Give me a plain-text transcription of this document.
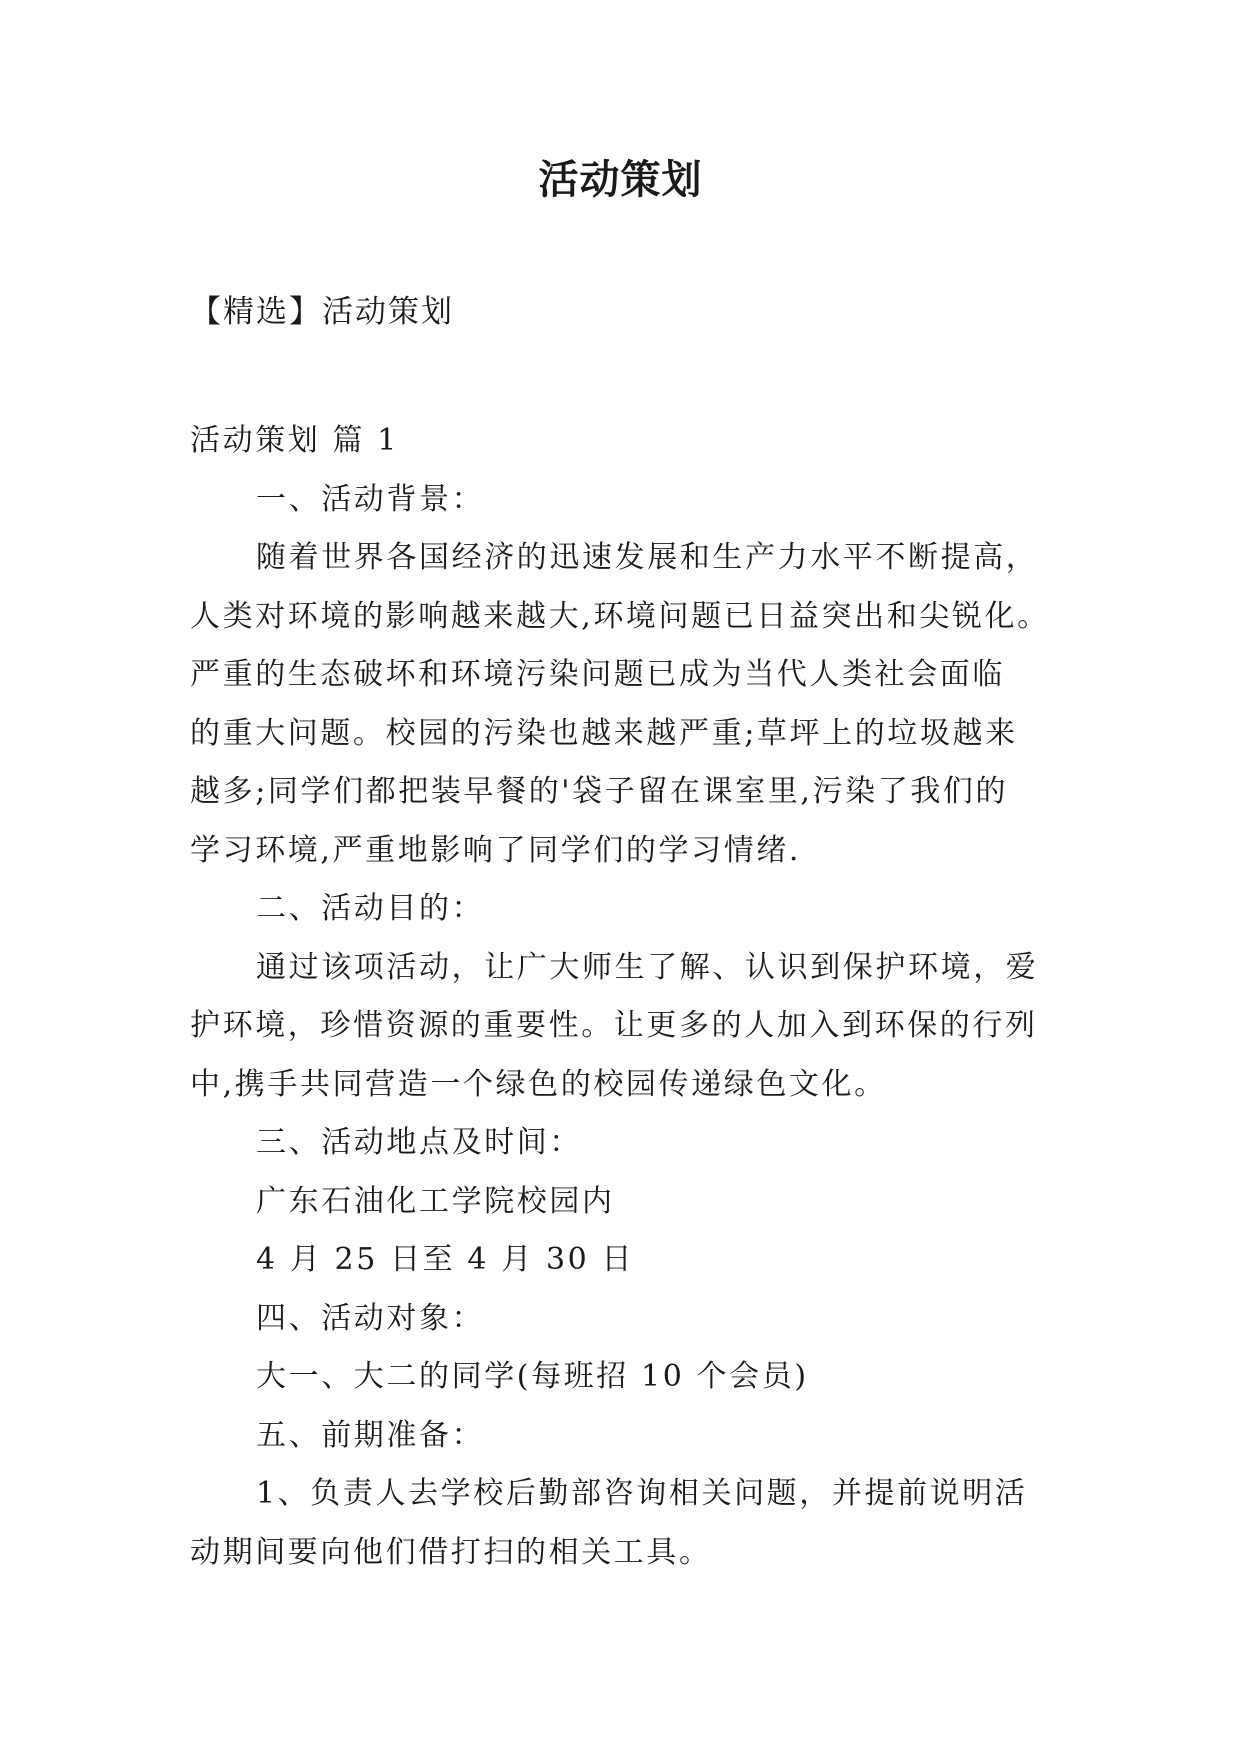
活动策划
【精选】活动策划

活动策划 篇 1

一、活动背景：

随着世界各国经济的迅速发展和生产力水平不断提高，

人类对环境的影响越来越大,环境问题已日益突出和尖锐化。

严重的生态破坏和环境污染问题已成为当代人类社会面临

的重大问题。校园的污染也越来越严重;草坪上的垃圾越来

越多;同学们都把装早餐的'袋子留在课室里,污染了我们的

学习环境,严重地影响了同学们的学习情绪.

二、活动目的：

通过该项活动，让广大师生了解、认识到保护环境，爱

护环境，珍惜资源的重要性。让更多的人加入到环保的行列

中,携手共同营造一个绿色的校园传递绿色文化。

三、活动地点及时间：

广东石油化工学院校园内

4 月 25 日至 4 月 30 日

四、活动对象：

大一、大二的同学(每班招 10 个会员)

五、前期准备：

1、负责人去学校后勤部咨询相关问题，并提前说明活

动期间要向他们借打扫的相关工具。
